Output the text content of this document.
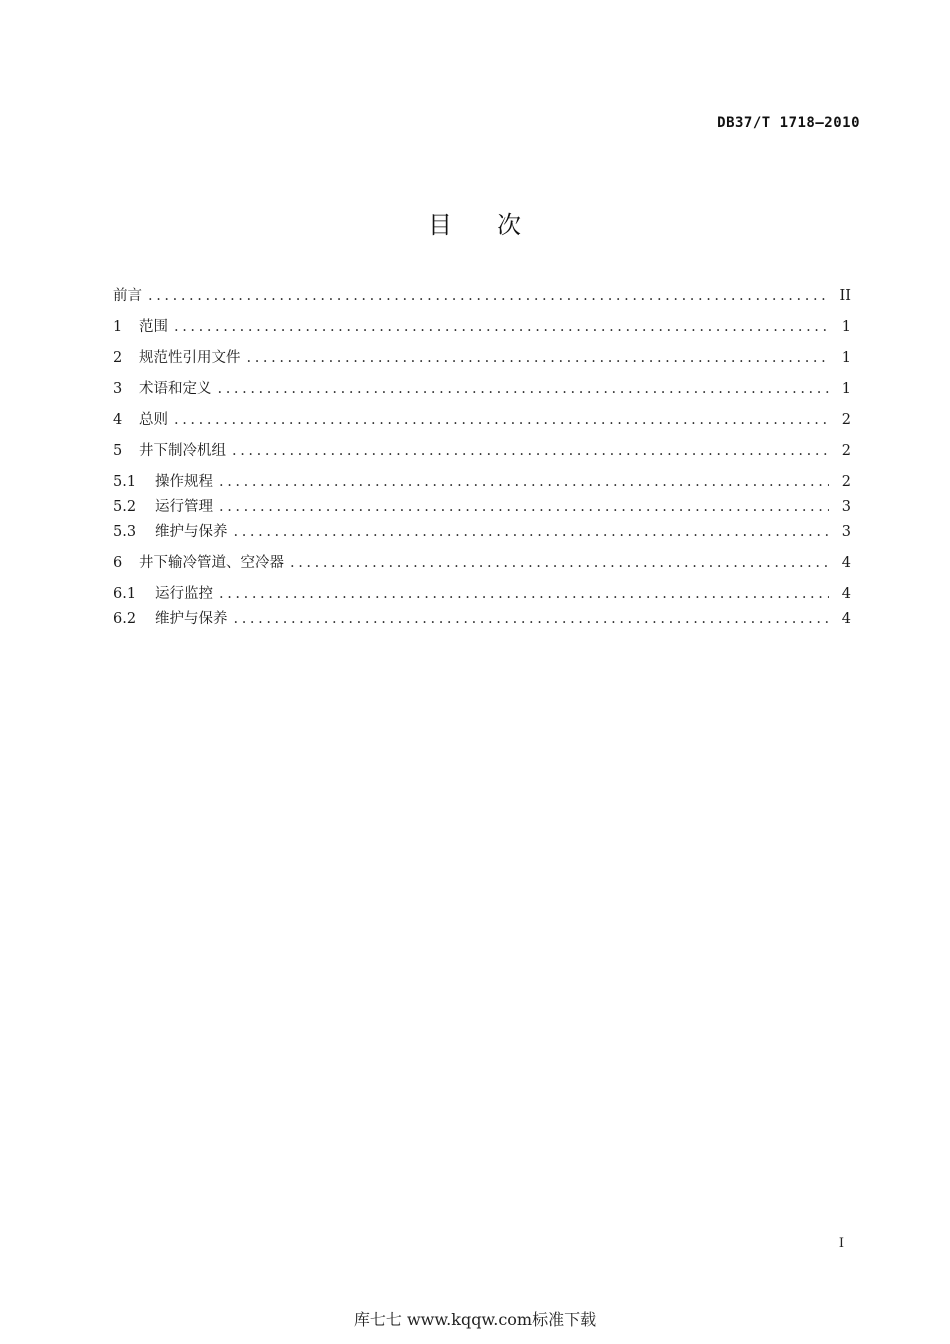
DB37/T 1718—2010
目 次
前言 .....	II
1	范围 .....	1
2	规范性引用文件 .....	1
3	术语和定义 .....	1
4	总则 .....	2
5	井下制冷机组 .....	2
5.1	操作规程 .....	2
5.2	运行管理 .....	3
5.3	维护与保养 .....	3
6	井下输冷管道、空冷器 .....	4
6.1	运行监控 .....	4
6.2	维护与保养 .....	4
I
库七七 www.kqqw.com标准下载
